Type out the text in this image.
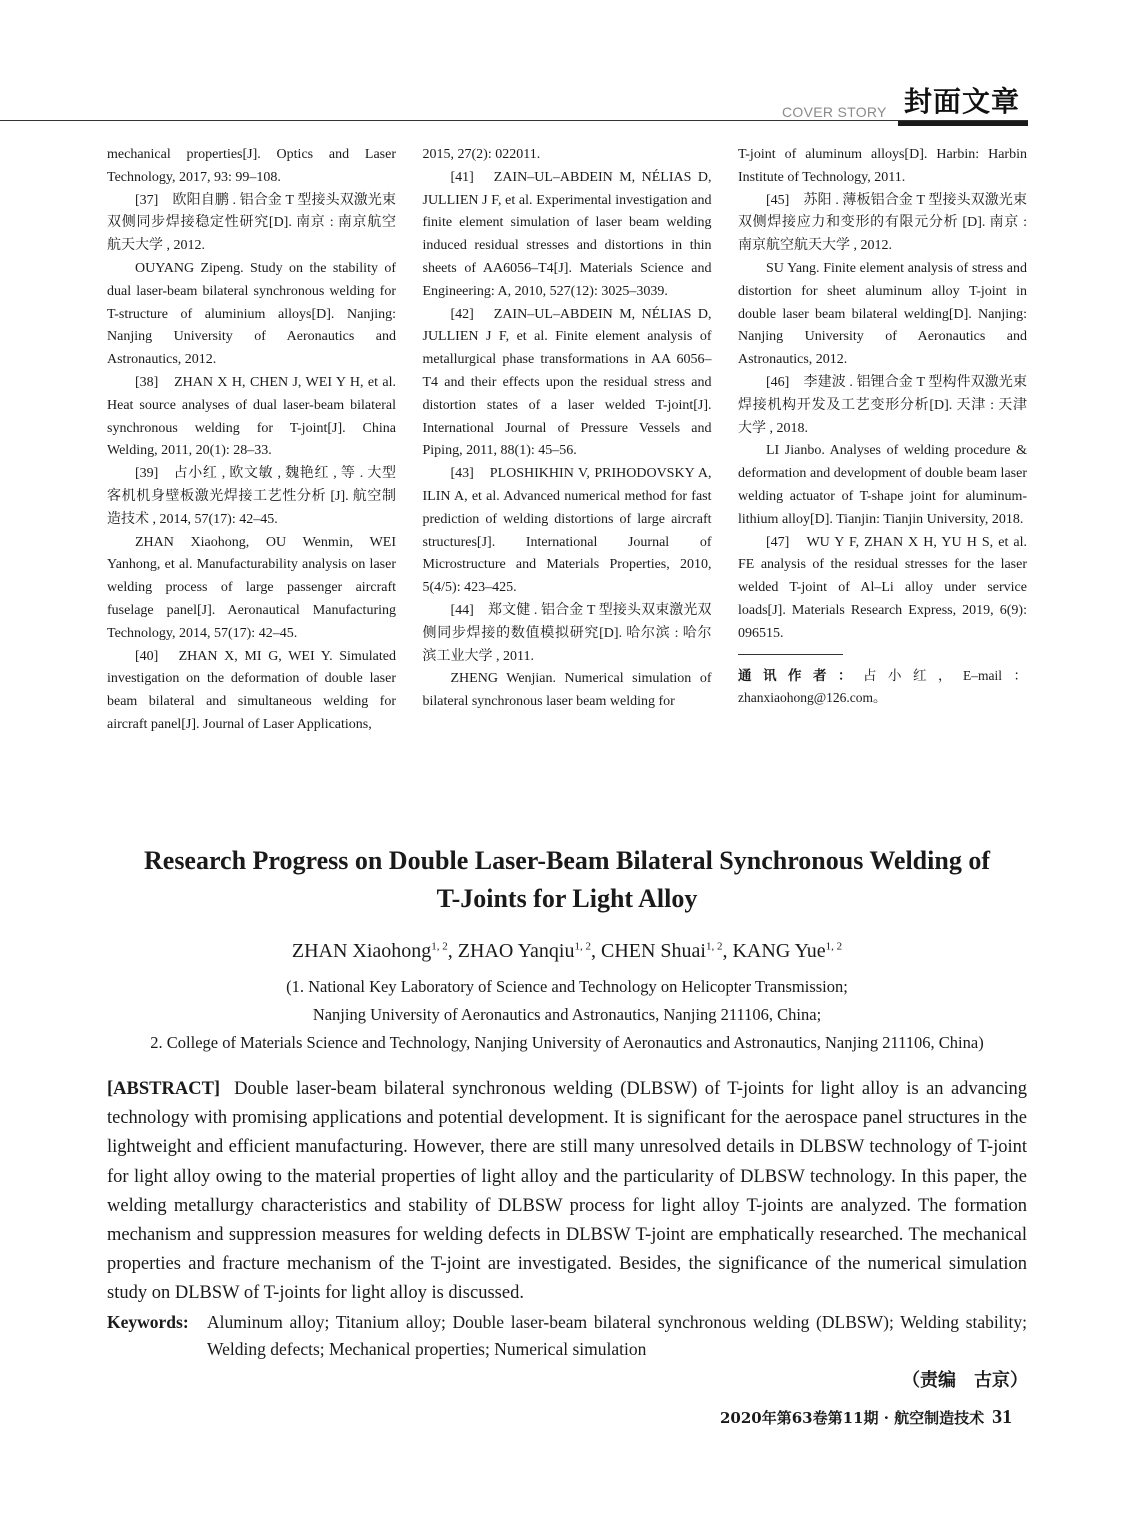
COVER STORY 封面文章

mechanical properties[J]. Optics and Laser Technology, 2017, 93: 99–108.

[37]　欧阳自鹏 . 铝合金 T 型接头双激光束双侧同步焊接稳定性研究[D]. 南京 : 南京航空航天大学 , 2012.

OUYANG Zipeng. Study on the stability of dual laser-beam bilateral synchronous welding for T-structure of aluminium alloys[D]. Nanjing: Nanjing University of Aeronautics and Astronautics, 2012.

[38]　ZHAN X H, CHEN J, WEI Y H, et al. Heat source analyses of dual laser-beam bilateral synchronous welding for T-joint[J]. China Welding, 2011, 20(1): 28–33.

[39]　占小红 , 欧文敏 , 魏艳红 , 等 . 大型客机机身壁板激光焊接工艺性分析 [J]. 航空制造技术 , 2014, 57(17): 42–45.

ZHAN Xiaohong, OU Wenmin, WEI Yanhong, et al. Manufacturability analysis on laser welding process of large passenger aircraft fuselage panel[J]. Aeronautical Manufacturing Technology, 2014, 57(17): 42–45.

[40]　ZHAN X, MI G, WEI Y. Simulated investigation on the deformation of double laser beam bilateral and simultaneous welding for aircraft panel[J]. Journal of Laser Applications,

2015, 27(2): 022011.

[41]　ZAIN–UL–ABDEIN M, NÉLIAS D, JULLIEN J F, et al. Experimental investigation and finite element simulation of laser beam welding induced residual stresses and distortions in thin sheets of AA6056–T4[J]. Materials Science and Engineering: A, 2010, 527(12): 3025–3039.

[42]　ZAIN–UL–ABDEIN M, NÉLIAS D, JULLIEN J F, et al. Finite element analysis of metallurgical phase transformations in AA 6056–T4 and their effects upon the residual stress and distortion states of a laser welded T-joint[J]. International Journal of Pressure Vessels and Piping, 2011, 88(1): 45–56.

[43]　PLOSHIKHIN V, PRIHODOVSKY A, ILIN A, et al. Advanced numerical method for fast prediction of welding distortions of large aircraft structures[J]. International Journal of Microstructure and Materials Properties, 2010, 5(4/5): 423–425.

[44]　郑文健 . 铝合金 T 型接头双束激光双侧同步焊接的数值模拟研究[D]. 哈尔滨 : 哈尔滨工业大学 , 2011.

ZHENG Wenjian. Numerical simulation of bilateral synchronous laser beam welding for

T-joint of aluminum alloys[D]. Harbin: Harbin Institute of Technology, 2011.

[45]　苏阳 . 薄板铝合金 T 型接头双激光束双侧焊接应力和变形的有限元分析 [D]. 南京 : 南京航空航天大学 , 2012.

SU Yang. Finite element analysis of stress and distortion for sheet aluminum alloy T-joint in double laser beam bilateral welding[D]. Nanjing: Nanjing University of Aeronautics and Astronautics, 2012.

[46]　李建波 . 铝锂合金 T 型构件双激光束焊接机构开发及工艺变形分析[D]. 天津 : 天津大学 , 2018.

LI Jianbo. Analyses of welding procedure & deformation and development of double beam laser welding actuator of T-shape joint for aluminum-lithium alloy[D]. Tianjin: Tianjin University, 2018.

[47]　WU Y F, ZHAN X H, YU H S, et al. FE analysis of the residual stresses for the laser welded T-joint of Al–Li alloy under service loads[J]. Materials Research Express, 2019, 6(9): 096515.

通讯作者：占小红，E–mail：zhanxiaohong@126.com。

Research Progress on Double Laser-Beam Bilateral Synchronous Welding of
T-Joints for Light Alloy
ZHAN Xiaohong$^{1, 2}$, ZHAO Yanqiu$^{1, 2}$, CHEN Shuai$^{1, 2}$, KANG Yue$^{1, 2}$
(1. National Key Laboratory of Science and Technology on Helicopter Transmission;
Nanjing University of Aeronautics and Astronautics, Nanjing 211106, China;
2. College of Materials Science and Technology, Nanjing University of Aeronautics and Astronautics, Nanjing 211106, China)
[ABSTRACT] Double laser-beam bilateral synchronous welding (DLBSW) of T-joints for light alloy is an advancing technology with promising applications and potential development. It is significant for the aerospace panel structures in the lightweight and efficient manufacturing. However, there are still many unresolved details in DLBSW technology of T-joint for light alloy owing to the material properties of light alloy and the particularity of DLBSW technology. In this paper, the welding metallurgy characteristics and stability of DLBSW process for light alloy T-joints are analyzed. The formation mechanism and suppression measures for welding defects in DLBSW T-joint are emphatically researched. The mechanical properties and fracture mechanism of the T-joint are investigated. Besides, the significance of the numerical simulation study on DLBSW of T-joints for light alloy is discussed.
Keywords:	Aluminum alloy; Titanium alloy; Double laser-beam bilateral synchronous welding (DLBSW); Welding stability; Welding defects; Mechanical properties; Numerical simulation
（责编　古京）
2020年第63卷第11期 · 航空制造技术 31
